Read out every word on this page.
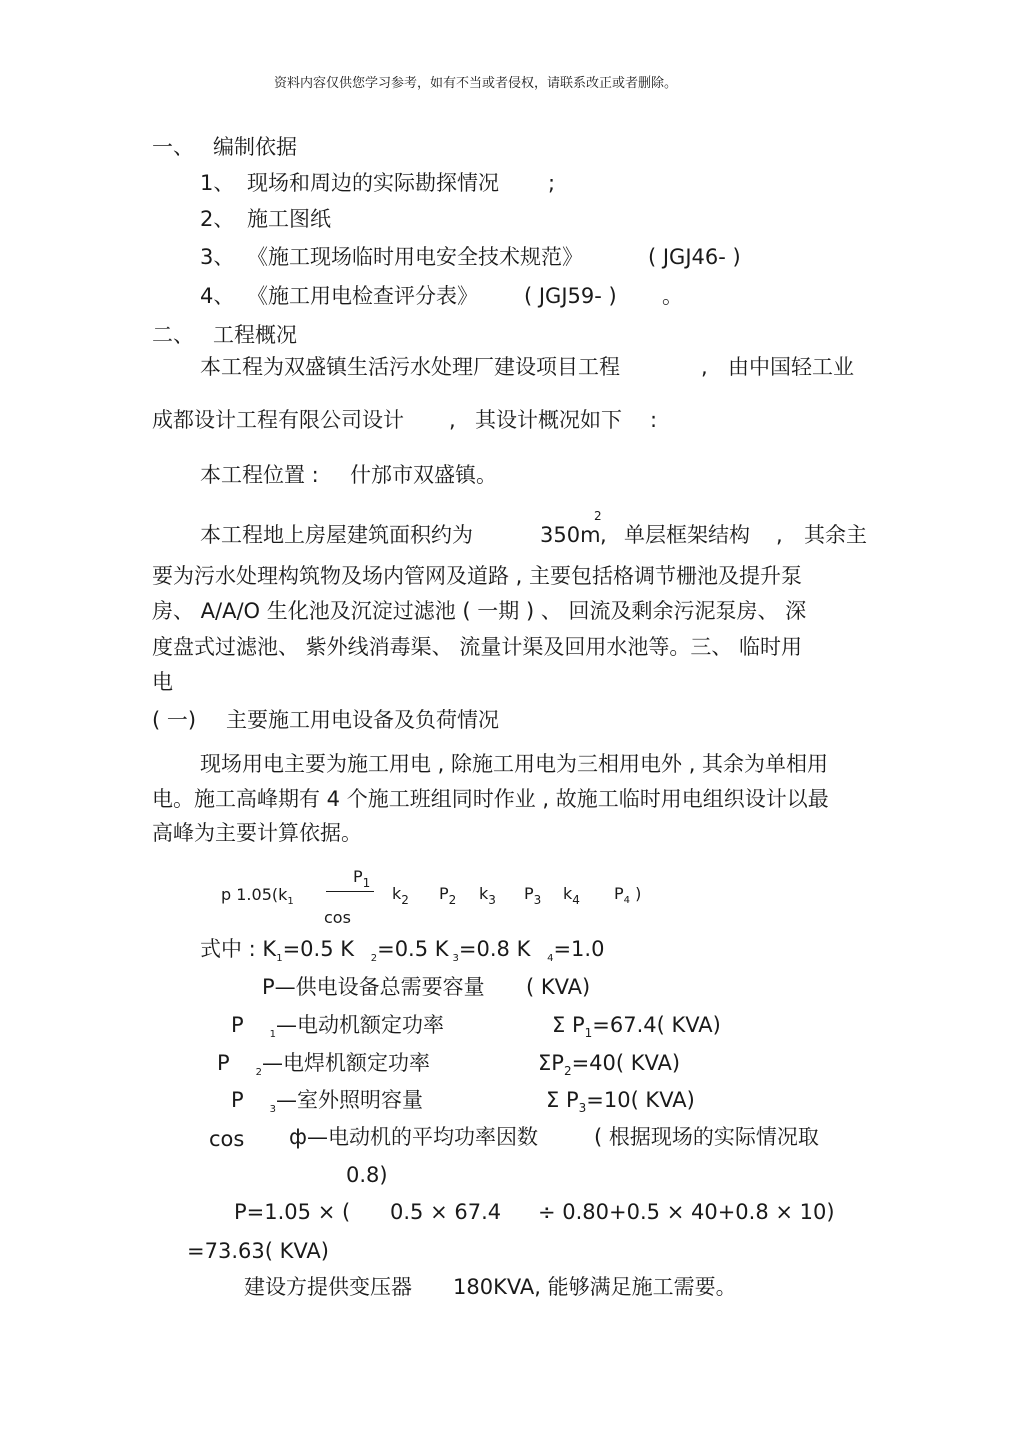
资料内容仅供您学习参考，如有不当或者侵权，请联系改正或者删除。
一、 编制依据
1、 现场和周边的实际勘探情况 ;
2、 施工图纸
3、 《施工现场临时用电安全技术规范》	( JGJ46- )
4、 《施工用电检查评分表》 ( JGJ59- ) 。
二、 工程概况
本工程为双盛镇生活污水处理厂建设项目工程	, 由中国轻工业
成都设计工程有限公司设计 , 其设计概况如下 :
本工程位置 : 什邡市双盛镇。
本工程地上房屋建筑面积约为	350m
2
, 单层框架结构 , 其余主
要为污水处理构筑物及场内管网及道路 , 主要包括格调节栅池及提升泵
房、 A/A/O 生化池及沉淀过滤池 ( 一期 ) 、 回流及剩余污泥泵房、 深
度盘式过滤池、 紫外线消毒渠、 流量计渠及回用水池等。三、 临时用
电
( 一) 主要施工用电设备及负荷情况
现场用电主要为施工用电 , 除施工用电为三相用电外 , 其余为单相用
电。施工高峰期有 4 个施工班组同时作业 , 故施工临时用电组织设计以最
高峰为主要计算依据。
p $1.05(k_1$
$P_1$
cos
$k_2$ $P_2$ $k_3$ $P_3$ $k_4$ $P_4$ )
式中 : $K_1=0.5$ K $_2$=0.5 K $_3$=0.8 K $_4$=1.0
P—供电设备总需要容量 ( KVA)
P	$_1$—电动机额定功率	Σ $P_1=67.4$( KVA)
P	$_2$—电焊机额定功率	$\Sigma P_2=40$( KVA)
P	$_3$—室外照明容量	Σ $P_3=10$( KVA)
cos ф—电动机的平均功率因数	( 根据现场的实际情况取
0.8)
P=1.05 × ( 0.5 × 67.4 ÷ 0.80+0.5 × 40+0.8 × 10)
=73.63( KVA)
建设方提供变压器 180KVA, 能够满足施工需要。
